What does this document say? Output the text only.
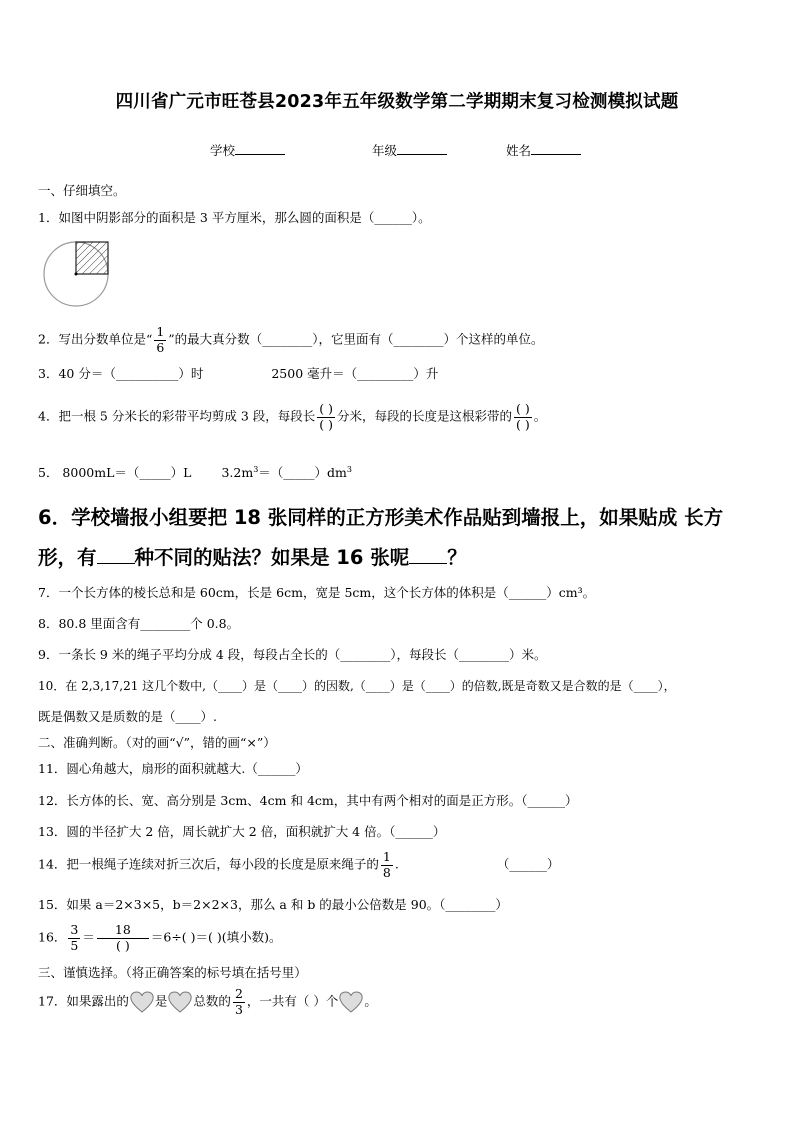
四川省广元市旺苍县2023年五年级数学第二学期期末复习检测模拟试题
学校	年级	姓名
一、仔细填空。
1．如图中阴影部分的面积是 3 平方厘米，那么圆的面积是（______）。
2．写出分数单位是“ $\frac{1}{6}$ ”的最大真分数（________），它里面有（________）个这样的单位。
3．40 分＝（__________）时	2500 毫升＝（_________）升
4．把一根 5 分米长的彩带平均剪成 3 段，每段长 $\frac{( )}{( )}$ 分米，每段的长度是这根彩带的 $\frac{( )}{( )}$ 。
5． 8000mL＝（_____）L $3.2m^3=(\_\_\_\_\_)dm^3$
6．学校墙报小组要把 18 张同样的正方形美术作品贴到墙报上，如果贴成 长方
形，有 种不同的贴法？如果是 16 张呢 ？
7．一个长方体的棱长总和是 60cm，长是 6cm，宽是 5cm，这个长方体的体积是（______）cm³。
8．80.8 里面含有________个 0.8。
9．一条长 9 米的绳子平均分成 4 段，每段占全长的（________），每段长（________）米。
10．在 2,3,17,21 这几个数中,（____）是（____）的因数,（____）是（____）的倍数,既是奇数又是合数的是（____），
既是偶数又是质数的是（____）.
二、准确判断。（对的画“√”，错的画“×”）
11．圆心角越大，扇形的面积就越大.（______）
12．长方体的长、宽、高分别是 3cm、4cm 和 4cm，其中有两个相对的面是正方形。（______）
13．圆的半径扩大 2 倍，周长就扩大 2 倍，面积就扩大 4 倍。（______）
14．把一根绳子连续对折三次后，每小段的长度是原来绳子的 $\frac{1}{8}$ .	（______）
15．如果 a＝2×3×5，b＝2×2×3，那么 a 和 b 的最小公倍数是 90。（________）
16． $\frac{3}{5} = \frac{18}{( )} =6\div$( )＝( )(填小数)。
三、谨慎选择。（将正确答案的标号填在括号里）
17．如果露出的 是 总数的 $\frac{2}{3}$ ，一共有（ ）个 。
